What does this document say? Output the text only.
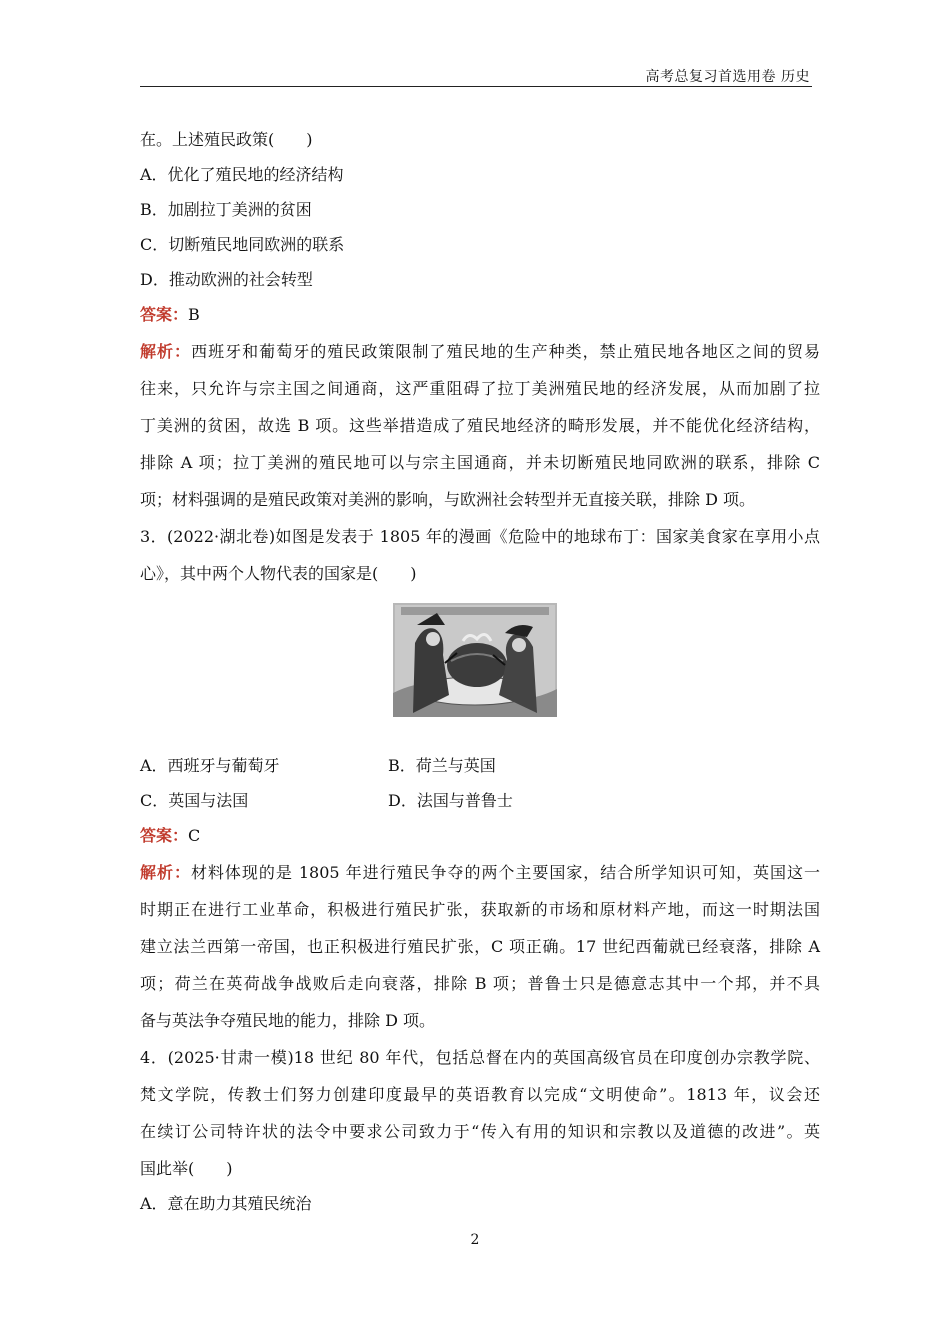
高考总复习首选用卷 历史
在。上述殖民政策(　　)
A．优化了殖民地的经济结构
B．加剧拉丁美洲的贫困
C．切断殖民地同欧洲的联系
D．推动欧洲的社会转型
答案：B
解析：西班牙和葡萄牙的殖民政策限制了殖民地的生产种类，禁止殖民地各地区之间的贸易
往来，只允许与宗主国之间通商，这严重阻碍了拉丁美洲殖民地的经济发展，从而加剧了拉
丁美洲的贫困，故选 B 项。这些举措造成了殖民地经济的畸形发展，并不能优化经济结构，
排除 A 项；拉丁美洲的殖民地可以与宗主国通商，并未切断殖民地同欧洲的联系，排除 C
项；材料强调的是殖民政策对美洲的影响，与欧洲社会转型并无直接关联，排除 D 项。
3．(2022·湖北卷)如图是发表于 1805 年的漫画《危险中的地球布丁：国家美食家在享用小点
心》，其中两个人物代表的国家是(　　)
A．西班牙与葡萄牙	B．荷兰与英国
C．英国与法国	D．法国与普鲁士
答案：C
解析：材料体现的是 1805 年进行殖民争夺的两个主要国家，结合所学知识可知，英国这一
时期正在进行工业革命，积极进行殖民扩张，获取新的市场和原材料产地，而这一时期法国
建立法兰西第一帝国，也正积极进行殖民扩张，C 项正确。17 世纪西葡就已经衰落，排除 A
项；荷兰在英荷战争战败后走向衰落，排除 B 项；普鲁士只是德意志其中一个邦，并不具
备与英法争夺殖民地的能力，排除 D 项。
4．(2025·甘肃一模)18 世纪 80 年代，包括总督在内的英国高级官员在印度创办宗教学院、
梵文学院，传教士们努力创建印度最早的英语教育以完成“文明使命”。1813 年，议会还
在续订公司特许状的法令中要求公司致力于“传入有用的知识和宗教以及道德的改进”。英
国此举(　　)
A．意在助力其殖民统治
2
